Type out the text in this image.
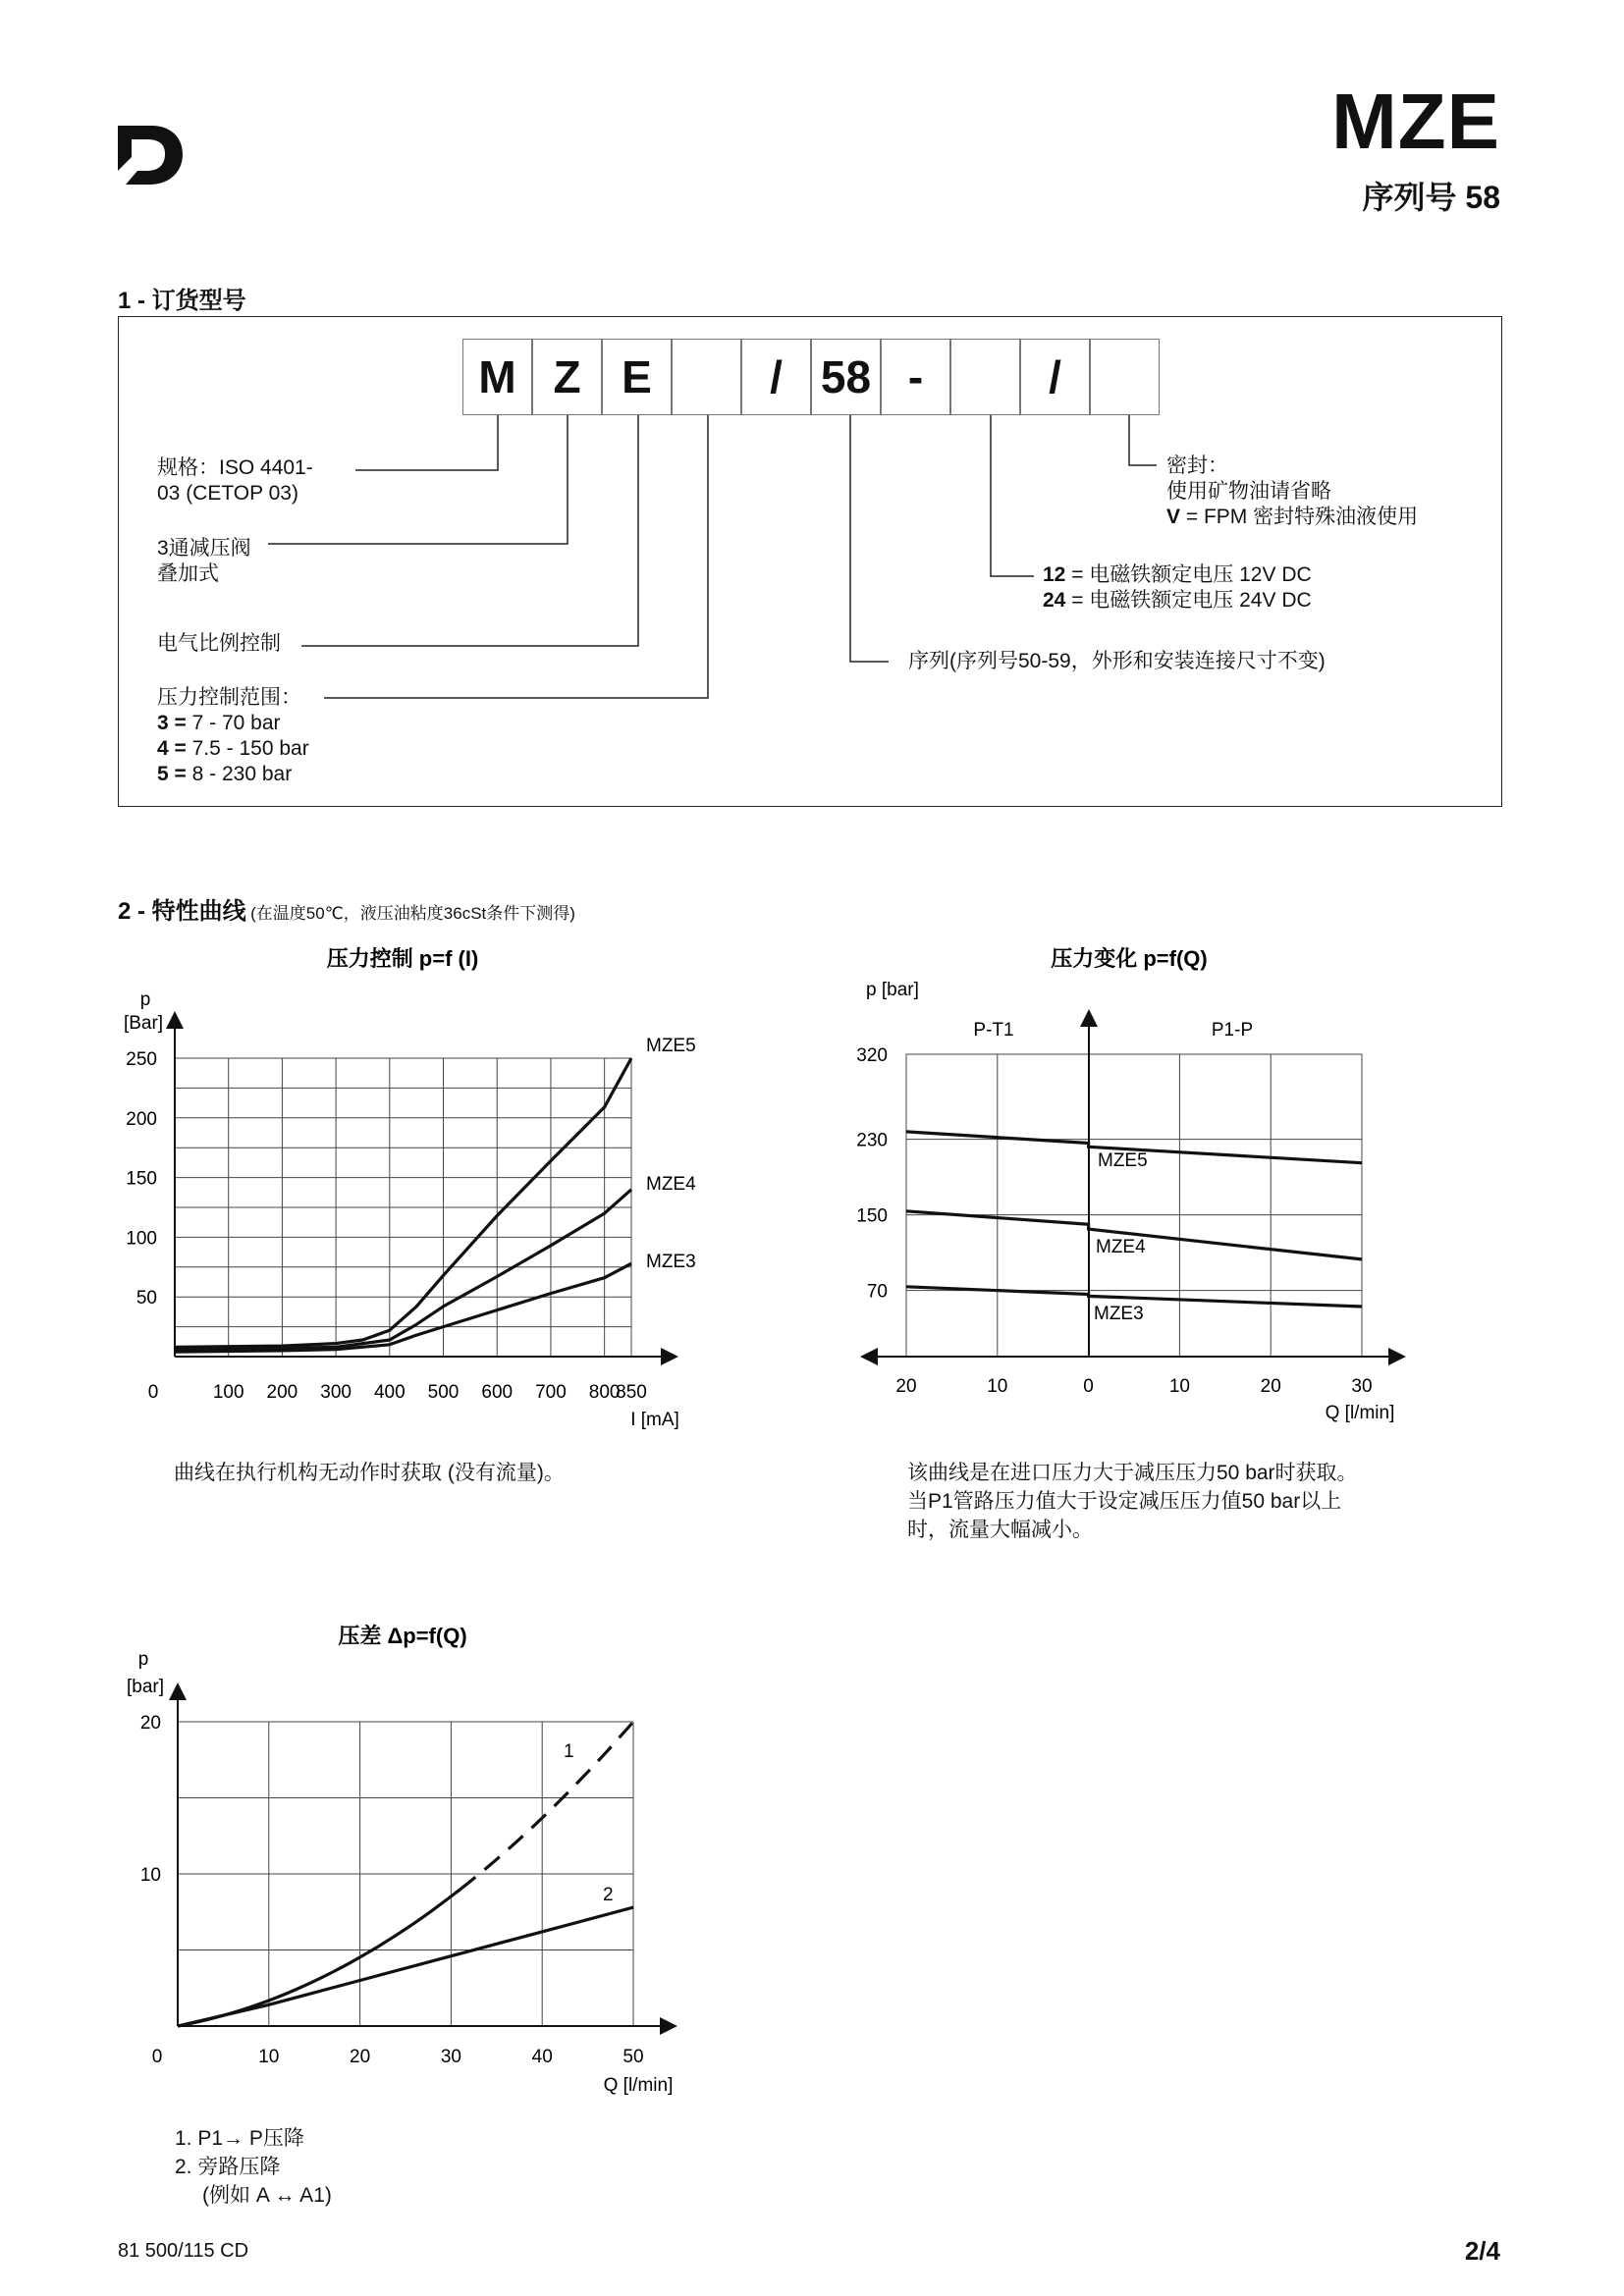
MZE
序列号 58
1 - 订货型号
M Z E	/ 58 -	/
规格：ISO 4401-
03 (CETOP 03)
3通减压阀
叠加式
电气比例控制
压力控制范围：
3 = 7 - 70 bar
4 = 7.5 - 150 bar
5 = 8 - 230 bar
密封：
使用矿物油请省略
V = FPM 密封特殊油液使用
12 = 电磁铁额定电压 12V DC
24 = 电磁铁额定电压 24V DC
序列(序列号50-59，外形和安装连接尺寸不变)
2 - 特性曲线 (在温度50℃，液压油粘度36cSt条件下测得)
压力控制 p=f (I)
p
[Bar]
50
100
150
200
250
0	100 200 300 400 500 600 700 800
850
I [mA]
MZE5
MZE4
MZE3
压力变化 p=f(Q)
p [bar]
P-T1	P1-P
70
150
230
320
20	10	0	10	20	30
Q [l/min]
MZE5
MZE4
MZE3
压差 Δp=f(Q)
p
[bar]
10
20
0	10	20	30	40	50
Q [l/min]
1
2
曲线在执行机构无动作时获取 (没有流量)。	该曲线是在进口压力大于减压压力50 bar时获取。
当P1管路压力值大于设定减压压力值50 bar以上
时，流量大幅减小。
1. P1→ P压降
2. 旁路压降
(例如 A ↔ A1)
81 500/115 CD	2/4
